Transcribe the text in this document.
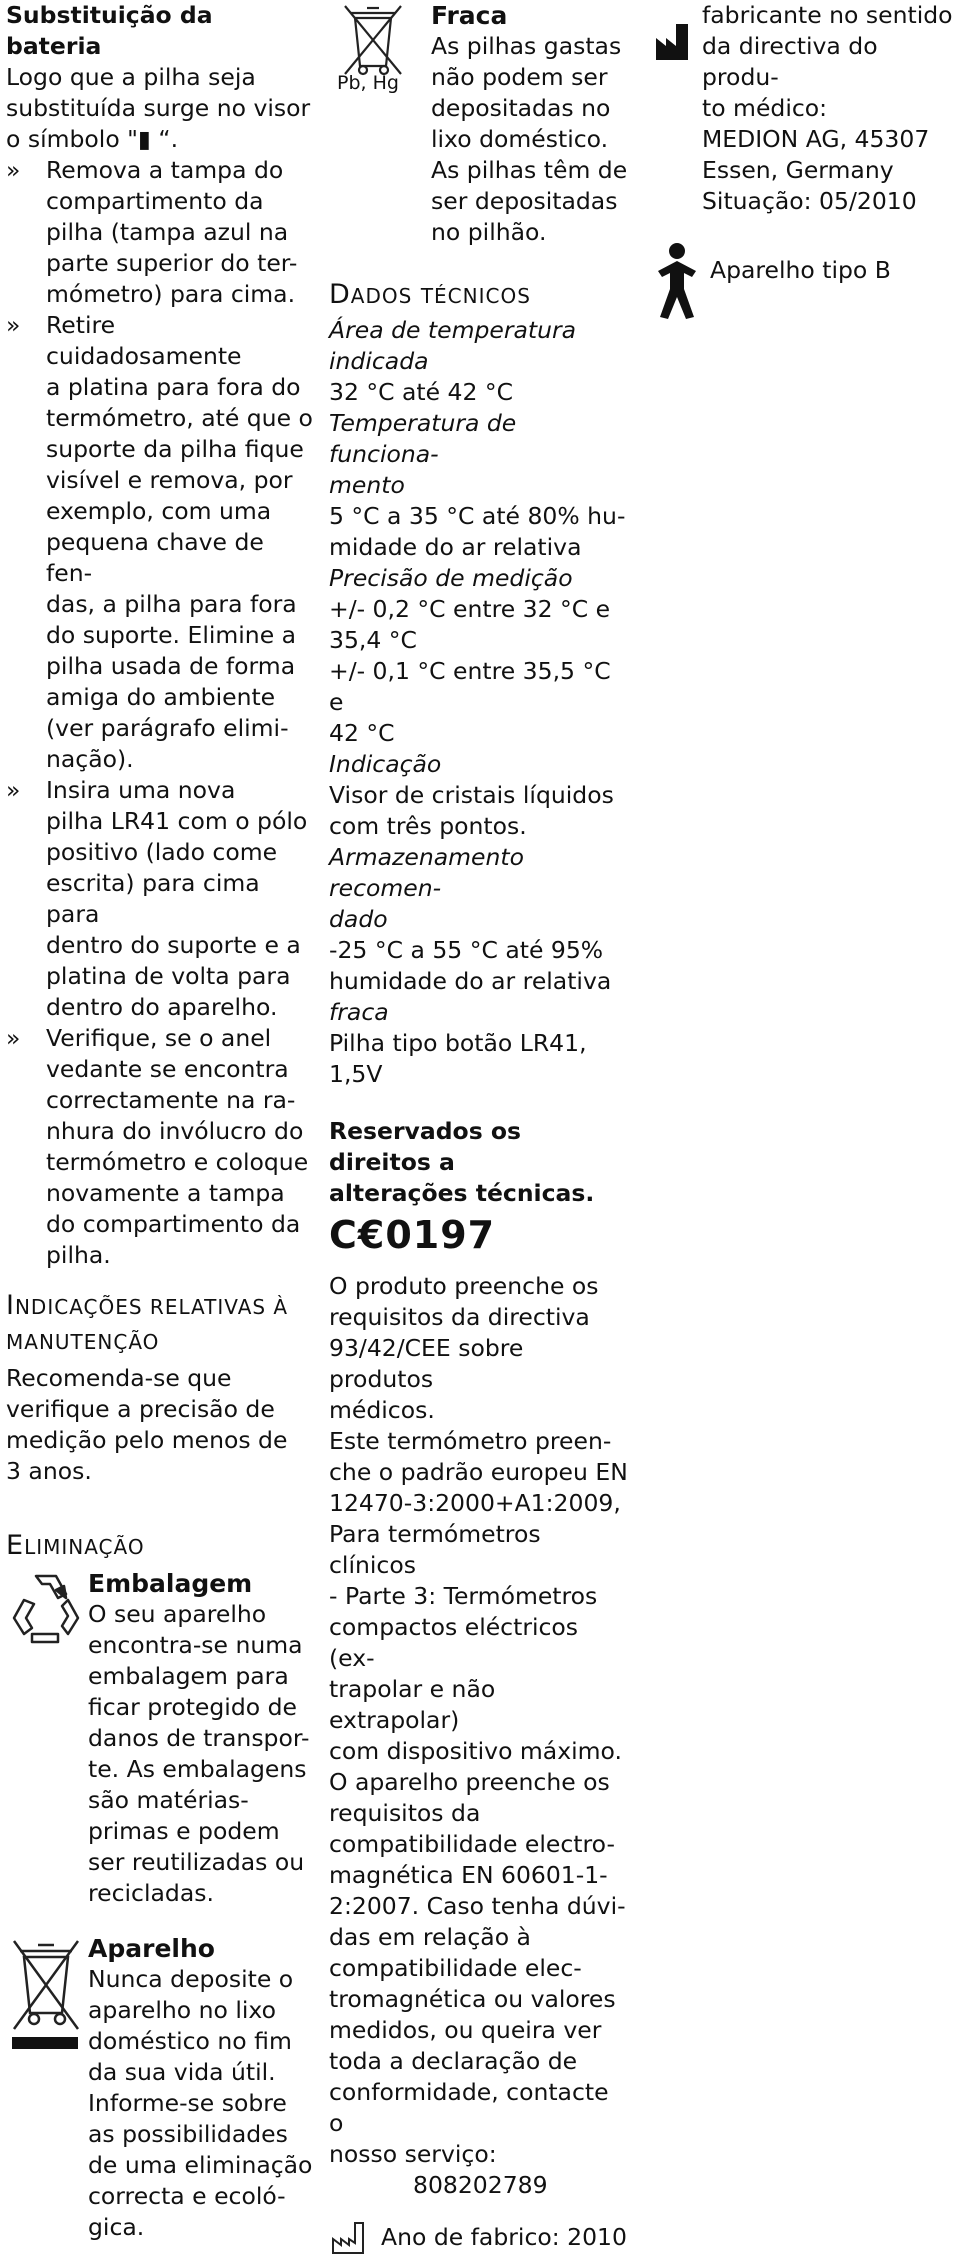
Substituição da bateria
Logo que a pilha seja
substituída surge no visor
o símbolo "▮ “.
»	Remova a tampa do
compartimento da
pilha (tampa azul na
parte superior do ter-
mómetro) para cima.
»	Retire cuidadosamente
a platina para fora do
termómetro, até que o
suporte da pilha fique
visível e remova, por
exemplo, com uma
pequena chave de fen-
das, a pilha para fora
do suporte. Elimine a
pilha usada de forma
amiga do ambiente
(ver parágrafo elimi-
nação).
»	Insira uma nova
pilha LR41 com o pólo
positivo (lado come
escrita) para cima para
dentro do suporte e a
platina de volta para
dentro do aparelho.
»	Verifique, se o anel
vedante se encontra
correctamente na ra-
nhura do invólucro do
termómetro e coloque
novamente a tampa
do compartimento da
pilha.
INDICAÇÕES RELATIVAS À
MANUTENÇÃO
Recomenda-se que
verifique a precisão de
medição pelo menos de
3 anos.
ELIMINAÇÃO
Embalagem
O seu aparelho
encontra-se numa
embalagem para
ficar protegido de
danos de transpor-
te. As embalagens
são matérias-
primas e podem
ser reutilizadas ou
recicladas.
Aparelho
Nunca deposite o
aparelho no lixo
doméstico no fim
da sua vida útil.
Informe-se sobre
as possibilidades
de uma eliminação
correcta e ecoló-
gica.
Pb, Hg
Fraca
As pilhas gastas
não podem ser
depositadas no
lixo doméstico.
As pilhas têm de
ser depositadas
no pilhão.
DADOS TÉCNICOS
Área de temperatura
indicada
32 °C até 42 °C
Temperatura de funciona-
mento
5 °C a 35 °C até 80% hu-
midade do ar relativa
Precisão de medição
+/- 0,2 °C entre 32 °C e
35,4 °C
+/- 0,1 °C entre 35,5 °C e
42 °C
Indicação
Visor de cristais líquidos
com três pontos.
Armazenamento recomen-
dado
-25 °C a 55 °C até 95%
humidade do ar relativa
fraca
Pilha tipo botão LR41,
1,5V
Reservados os direitos a
alterações técnicas.
C€0197
O produto preenche os
requisitos da directiva
93/42/CEE sobre produtos
médicos.
Este termómetro preen-
che o padrão europeu EN
12470-3:2000+A1:2009,
Para termómetros clínicos
- Parte 3: Termómetros
compactos eléctricos (ex-
trapolar e não extrapolar)
com dispositivo máximo.
O aparelho preenche os
requisitos da
compatibilidade electro-
magnética EN 60601-1-
2:2007. Caso tenha dúvi-
das em relação à
compatibilidade elec-
tromagnética ou valores
medidos, ou queira ver
toda a declaração de
conformidade, contacte o
nosso serviço:
808202789
Ano de fabrico: 2010
fabricante no sentido
da directiva do produ-
to médico:
MEDION AG, 45307
Essen, Germany
Situação: 05/2010
Aparelho tipo B
